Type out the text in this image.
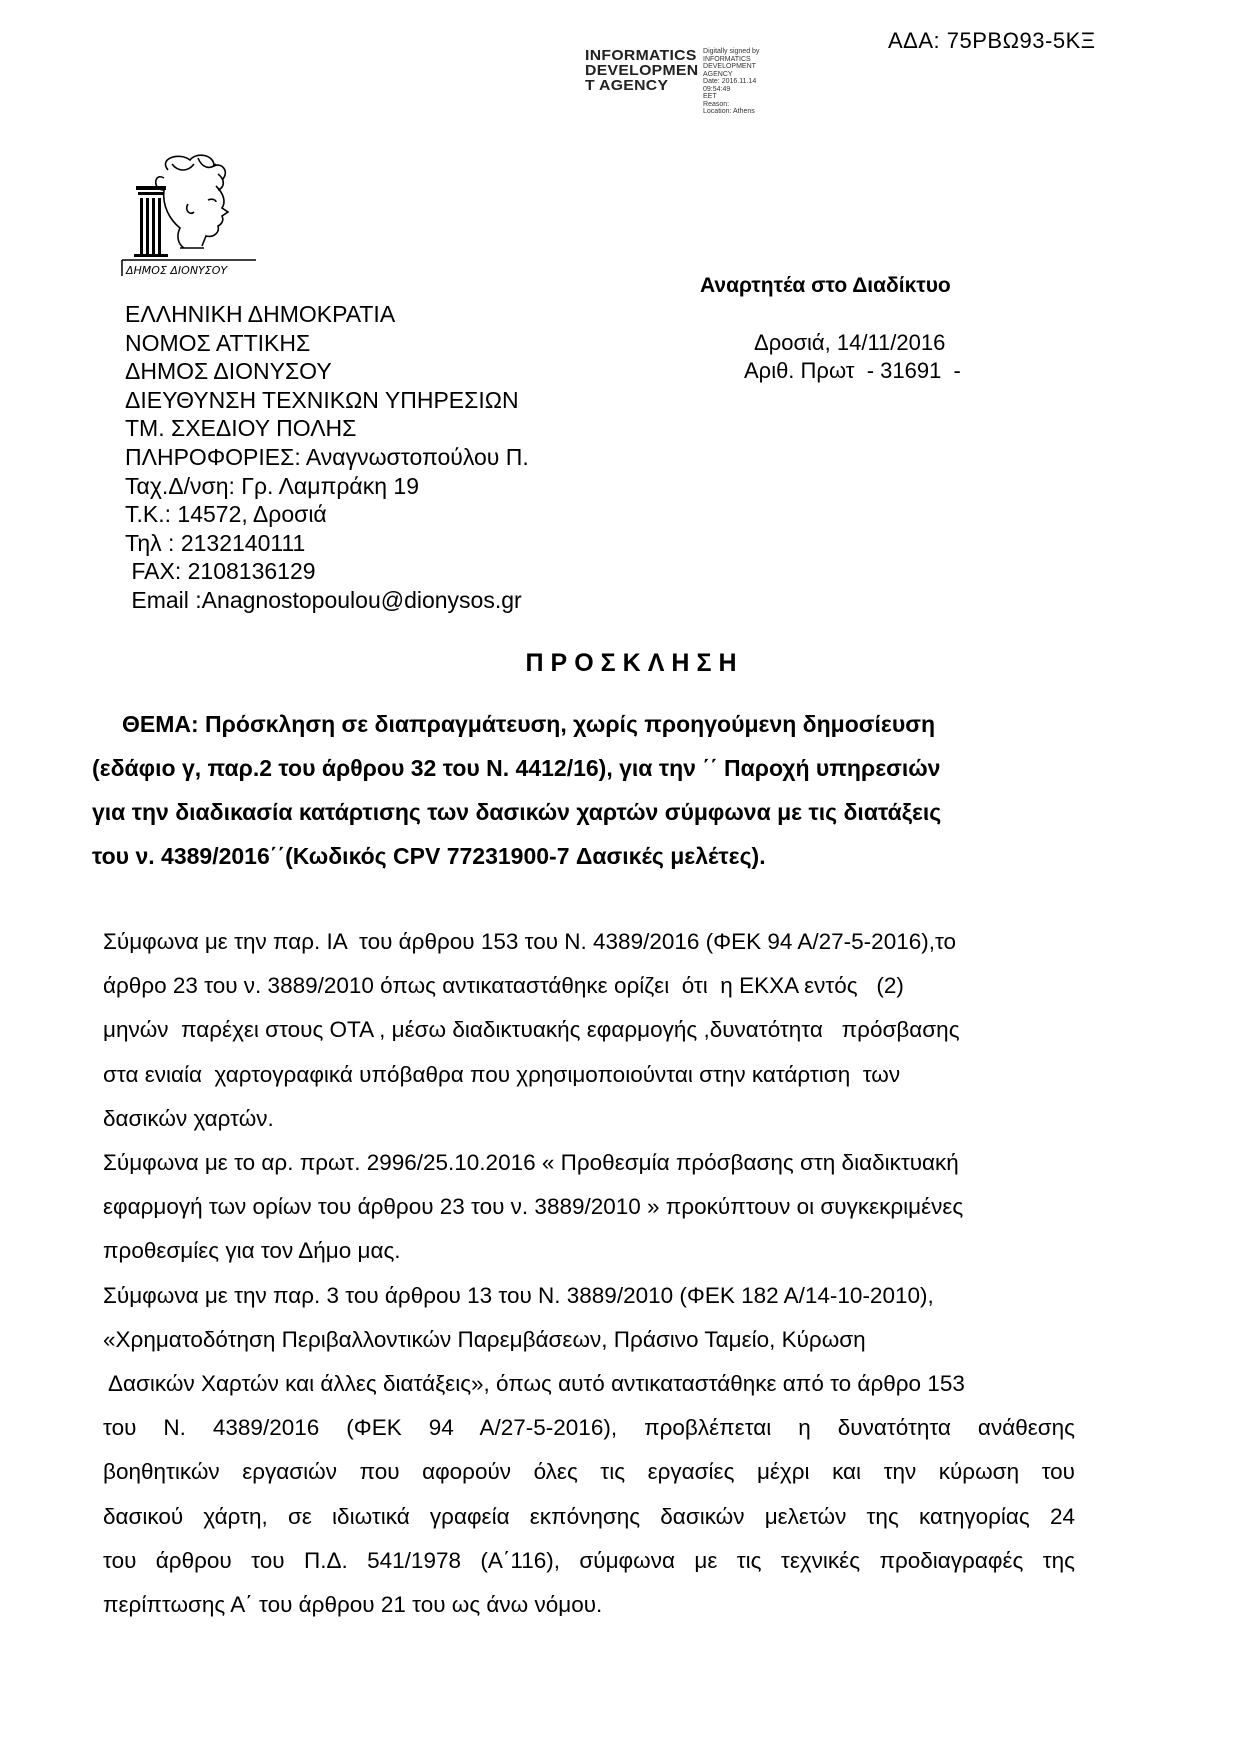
ΑΔΑ: 75ΡΒΩ93-5ΚΞ
INFORMATICS
DEVELOPMEN
T AGENCY
Digitally signed by
INFORMATICS
DEVELOPMENT AGENCY
Date: 2016.11.14 09:54:49
EET
Reason:
Location: Athens
ΔΗΜΟΣ ΔΙΟΝΥΣΟΥ
ΕΛΛΗΝΙΚΗ ΔΗΜΟΚΡΑΤΙΑ
ΝΟΜΟΣ ΑΤΤΙΚΗΣ
ΔΗΜΟΣ ΔΙΟΝΥΣΟΥ
ΔΙΕΥΘΥΝΣΗ ΤΕΧΝΙΚΩΝ ΥΠΗΡΕΣΙΩΝ
ΤΜ. ΣΧΕΔΙΟΥ ΠΟΛΗΣ
ΠΛΗΡΟΦΟΡΙΕΣ: Αναγνωστοπούλου Π.
Ταχ.Δ/νση: Γρ. Λαμπράκη 19
Τ.Κ.: 14572, Δροσιά
Τηλ : 2132140111
FAX: 2108136129
Email :Anagnostopoulou@dionysos.gr
Αναρτητέα στο Διαδίκτυο
Δροσιά, 14/11/2016
Αριθ. Πρωτ  - 31691  -
ΠΡΟΣΚΛΗΣΗ
ΘΕΜΑ: Πρόσκληση σε διαπραγμάτευση, χωρίς προηγούμενη δημοσίευση
(εδάφιο γ, παρ.2 του άρθρου 32 του Ν. 4412/16), για την ΄΄ Παροχή υπηρεσιών
για την διαδικασία κατάρτισης των δασικών χαρτών σύμφωνα με τις διατάξεις
του ν. 4389/2016΄΄(Κωδικός CPV 77231900-7 Δασικές μελέτες).

Σύμφωνα με την παρ. ΙΑ  του άρθρου 153 του Ν. 4389/2016 (ΦΕΚ 94 Α/27-5-2016),το
άρθρο 23 του ν. 3889/2010 όπως αντικαταστάθηκε ορίζει  ότι  η ΕΚΧΑ εντός   (2)
μηνών  παρέχει στους ΟΤΑ , μέσω διαδικτυακής εφαρμογής ,δυνατότητα   πρόσβασης
στα ενιαία  χαρτογραφικά υπόβαθρα που χρησιμοποιούνται στην κατάρτιση  των
δασικών χαρτών.

Σύμφωνα με το αρ. πρωτ. 2996/25.10.2016 « Προθεσμία πρόσβασης στη διαδικτυακή
εφαρμογή των ορίων του άρθρου 23 του ν. 3889/2010 » προκύπτουν οι συγκεκριμένες
προθεσμίες για τον Δήμο μας.

Σύμφωνα με την παρ. 3 του άρθρου 13 του Ν. 3889/2010 (ΦΕΚ 182 Α/14-10-2010),
«Χρηματοδότηση Περιβαλλοντικών Παρεμβάσεων, Πράσινο Ταμείο, Κύρωση
Δασικών Χαρτών και άλλες διατάξεις», όπως αυτό αντικαταστάθηκε από το άρθρο 153
του Ν. 4389/2016 (ΦΕΚ 94 Α/27-5-2016), προβλέπεται η δυνατότητα ανάθεσης
βοηθητικών εργασιών που αφορούν όλες τις εργασίες μέχρι και την κύρωση του
δασικού χάρτη, σε ιδιωτικά γραφεία εκπόνησης δασικών μελετών της κατηγορίας 24
του άρθρου του Π.Δ. 541/1978 (Α΄116), σύμφωνα με τις τεχνικές προδιαγραφές της
περίπτωσης Α΄ του άρθρου 21 του ως άνω νόμου.
